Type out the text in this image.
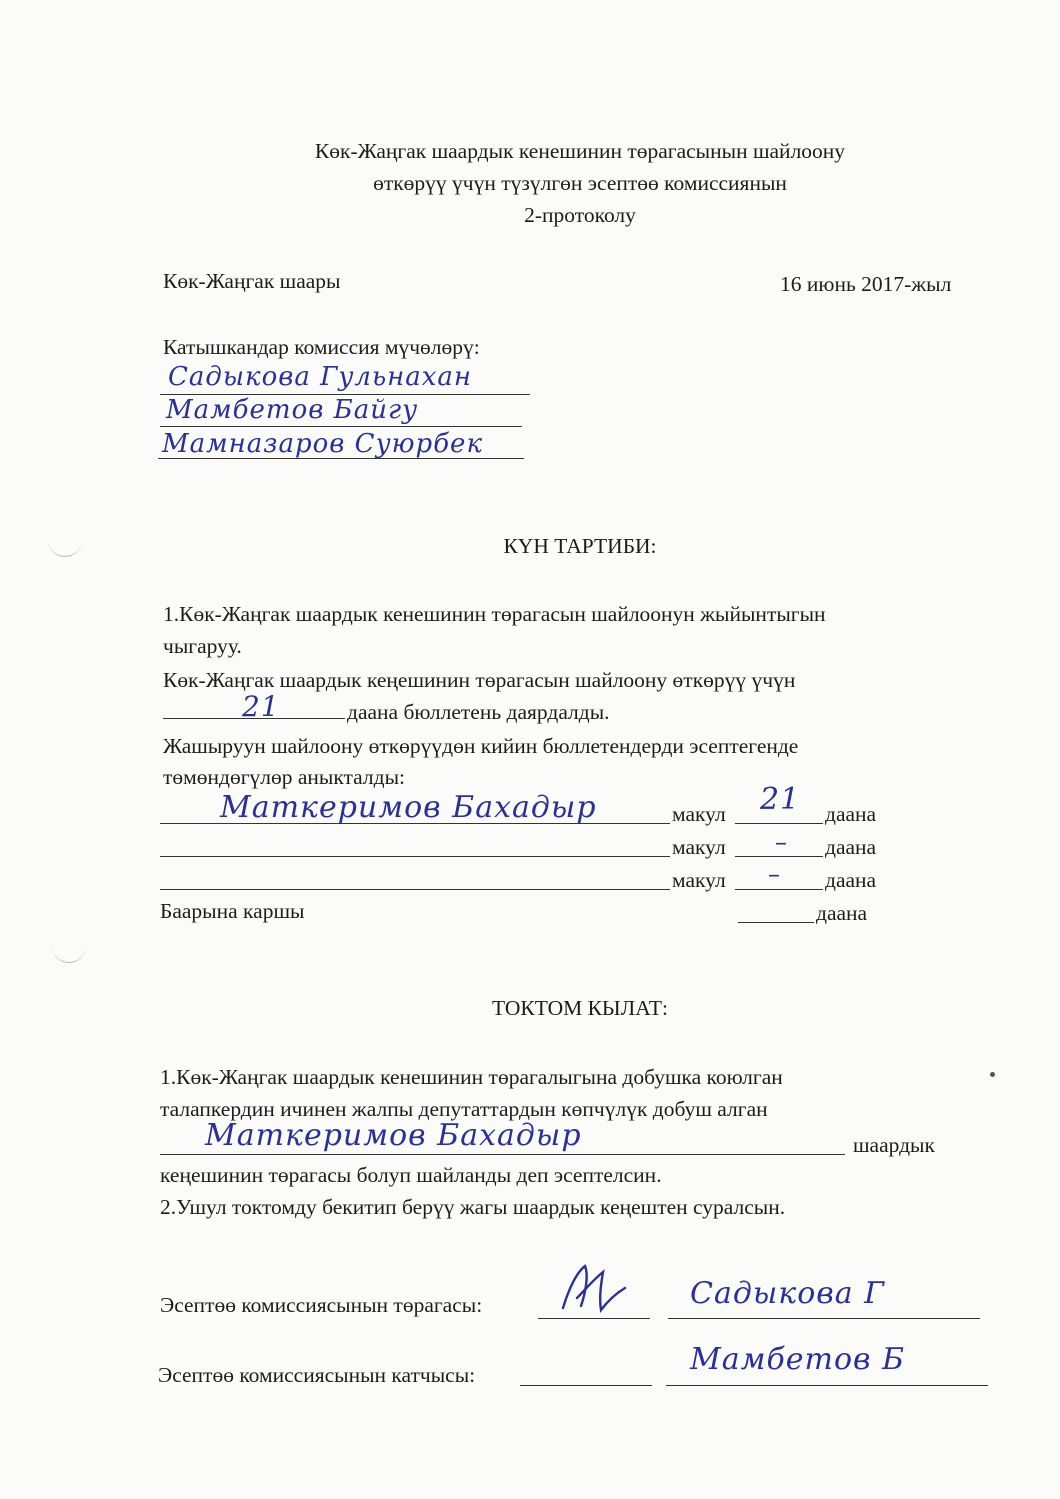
Көк-Жаңгак шаардык кенешинин төрагасынын шайлоону
өткөрүү үчүн түзүлгөн эсептөө комиссиянын
2-протоколу
Көк-Жаңгак шаары	16 июнь 2017-жыл
Катышкандар комиссия мүчөлөрү:
Садыкова Гульнахан
Мамбетов Байгу
Мамназаров Суюрбек
КҮН ТАРТИБИ:
1.Көк-Жаңгак шаардык кенешинин төрагасын шайлоонун жыйынтыгын
чыгаруу.
Көк-Жаңгак шаардык кеңешинин төрагасын шайлоону өткөрүү үчүн
21	даана бюллетень даярдалды.
Жашыруун шайлоону өткөрүүдөн кийин бюллетендерди эсептегенде
төмөндөгүлөр аныкталды:
Маткеримов Бахадыр	макул 21 даана
макул – даана
макул – даана
Баарына каршы	даана
ТОКТОМ КЫЛАТ:
1.Көк-Жаңгак шаардык кенешинин төрагалыгына добушка коюлган
талапкердин ичинен жалпы депутаттардын көпчүлүк добуш алган
Маткеримов Бахадыр	шаардык
кеңешинин төрагасы болуп шайланды деп эсептелсин.
2.Ушул токтомду бекитип берүү жагы шаардык кеңештен суралсын.
Эсептөө комиссиясынын төрагасы:	Садыкова Г
Эсептөө комиссиясынын катчысы:	Мамбетов Б
